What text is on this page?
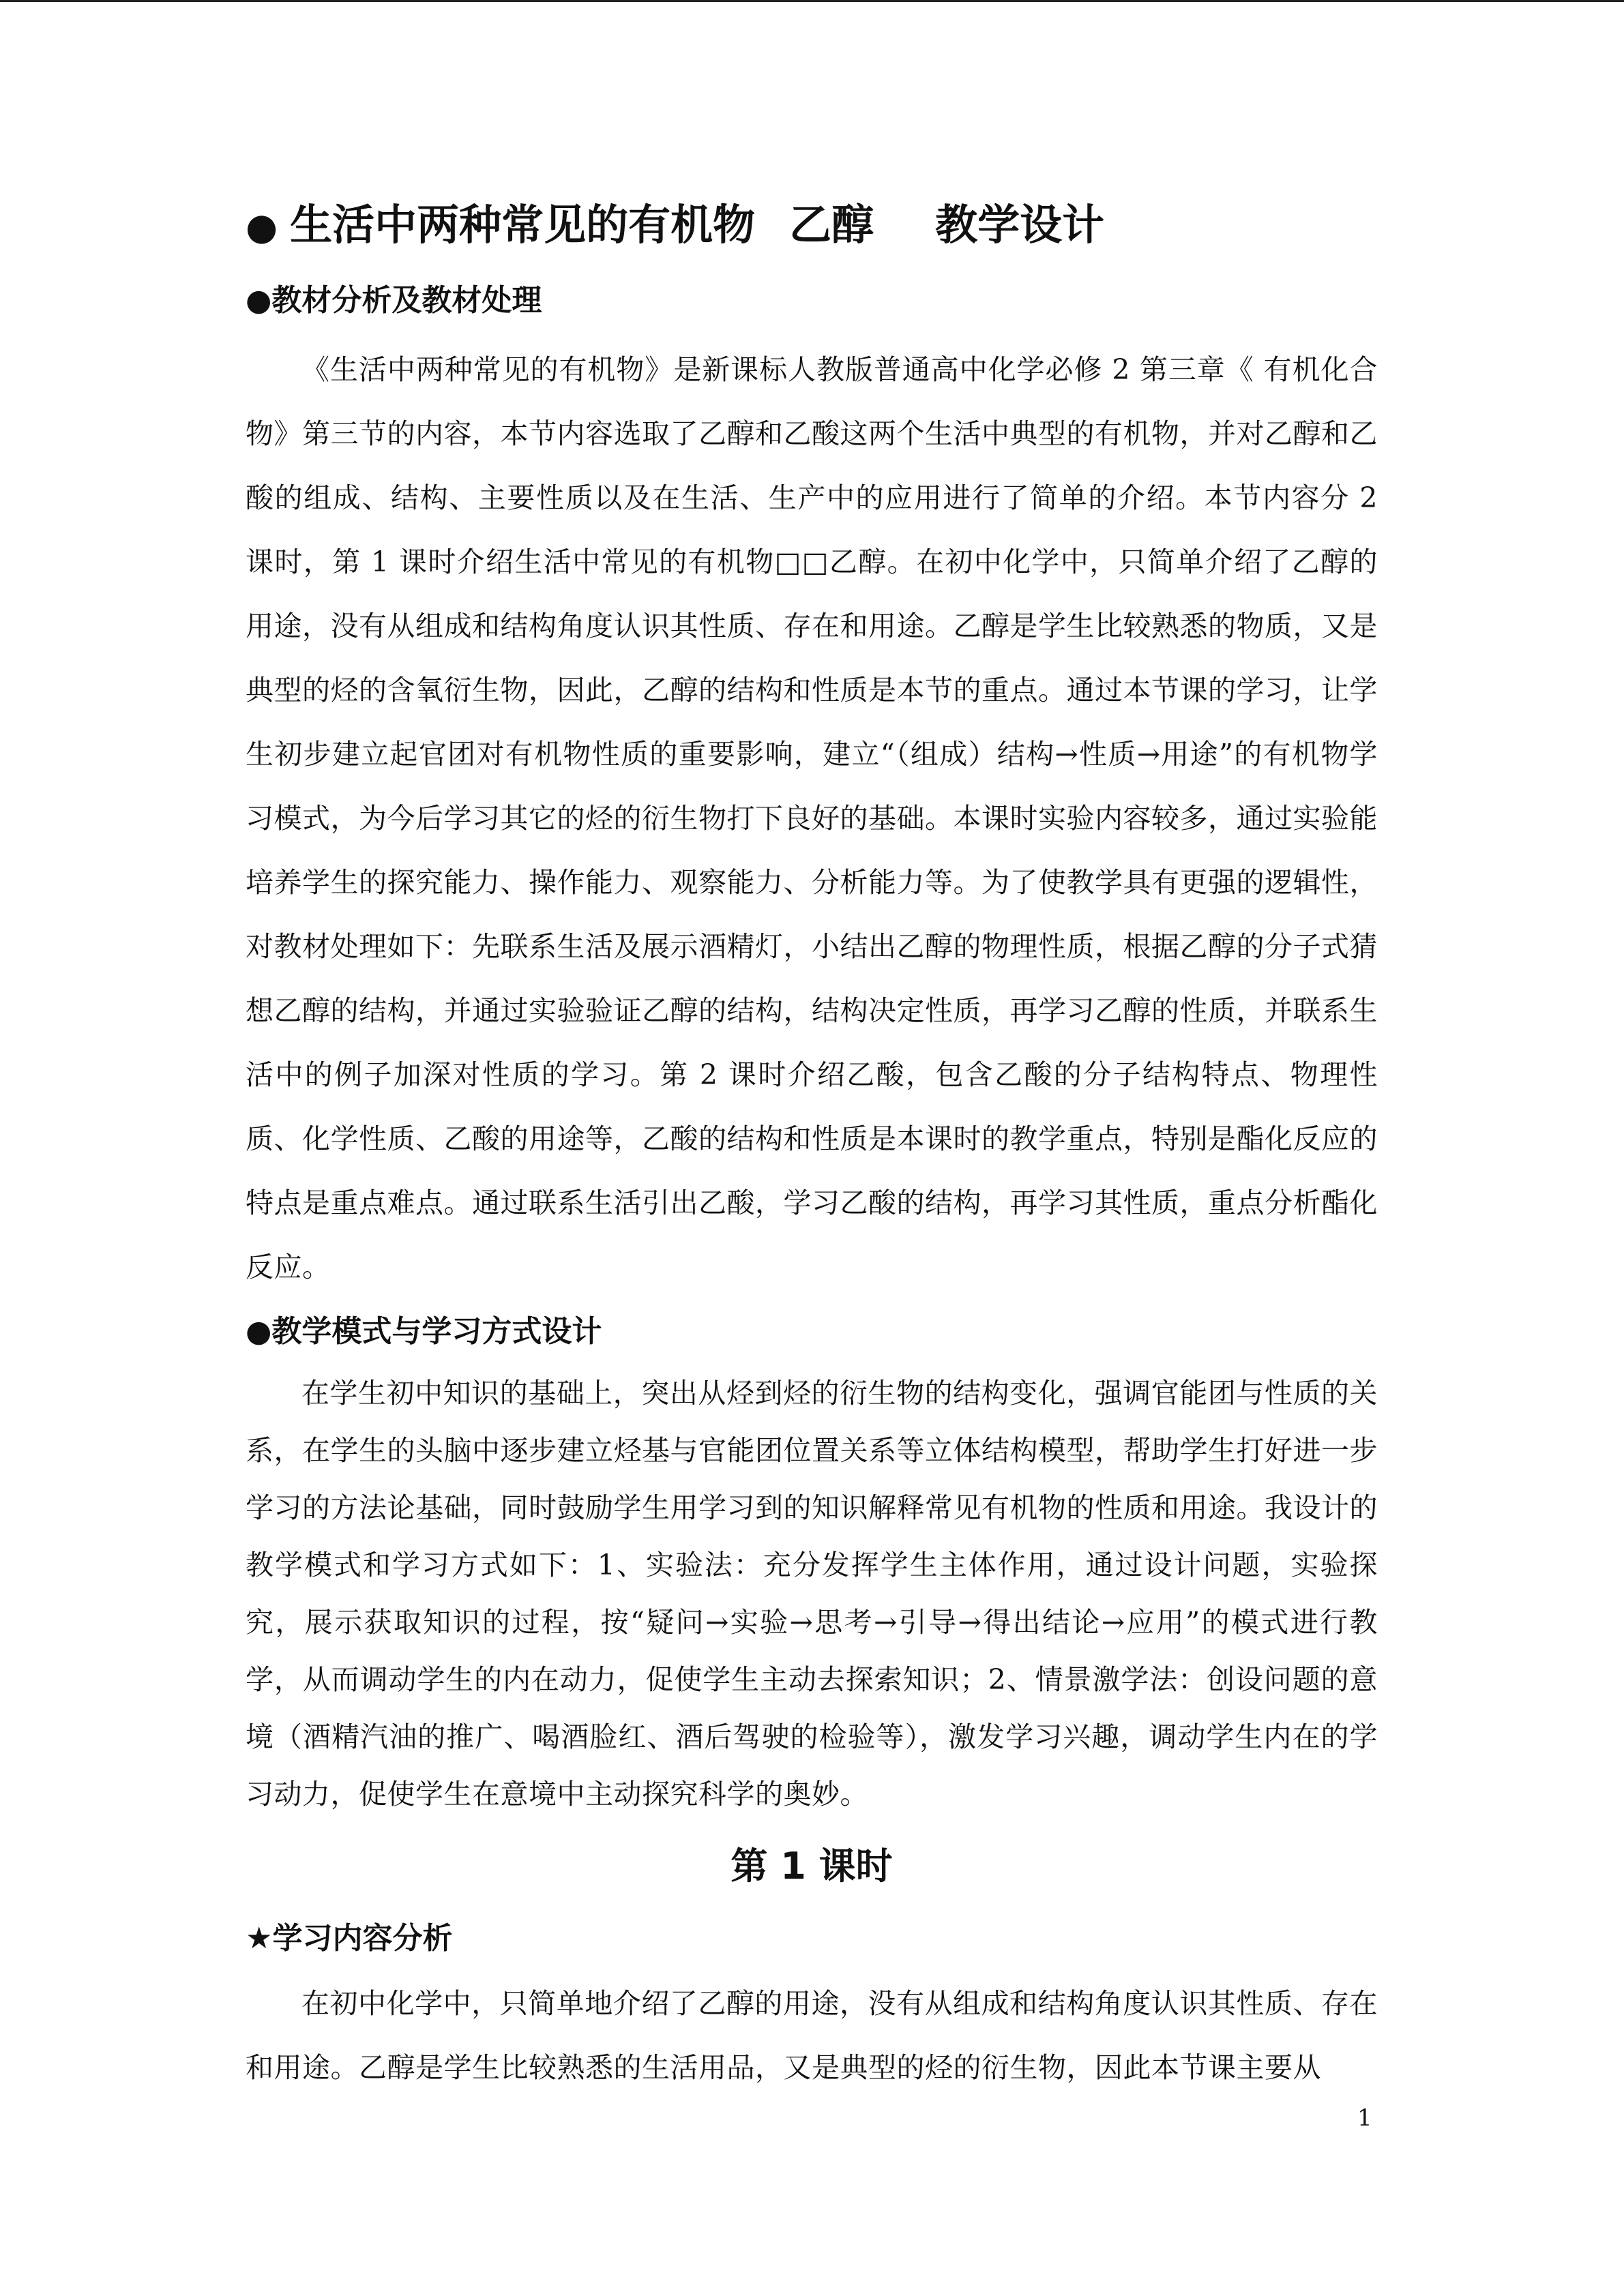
● 生活中两种常见的有机物 乙醇 教学设计
●教材分析及教材处理

《生活中两种常见的有机物》是新课标人教版普通高中化学必修 2 第三章《 有机化合物》第三节的内容，本节内容选取了乙醇和乙酸这两个生活中典型的有机物，并对乙醇和乙酸的组成、结构、主要性质以及在生活、生产中的应用进行了简单的介绍。本节内容分 2 课时，第 1 课时介绍生活中常见的有机物□□乙醇。在初中化学中，只简单介绍了乙醇的用途，没有从组成和结构角度认识其性质、存在和用途。乙醇是学生比较熟悉的物质，又是典型的烃的含氧衍生物，因此，乙醇的结构和性质是本节的重点。通过本节课的学习，让学生初步建立起官团对有机物性质的重要影响，建立“（组成）结构→性质→用途”的有机物学习模式，为今后学习其它的烃的衍生物打下良好的基础。本课时实验内容较多，通过实验能培养学生的探究能力、操作能力、观察能力、分析能力等。为了使教学具有更强的逻辑性，对教材处理如下：先联系生活及展示酒精灯，小结出乙醇的物理性质，根据乙醇的分子式猜想乙醇的结构，并通过实验验证乙醇的结构，结构决定性质，再学习乙醇的性质，并联系生活中的例子加深对性质的学习。第 2 课时介绍乙酸，包含乙酸的分子结构特点、物理性质、化学性质、乙酸的用途等，乙酸的结构和性质是本课时的教学重点，特别是酯化反应的特点是重点难点。通过联系生活引出乙酸，学习乙酸的结构，再学习其性质，重点分析酯化反应。

●教学模式与学习方式设计

在学生初中知识的基础上，突出从烃到烃的衍生物的结构变化，强调官能团与性质的关系，在学生的头脑中逐步建立烃基与官能团位置关系等立体结构模型，帮助学生打好进一步学习的方法论基础，同时鼓励学生用学习到的知识解释常见有机物的性质和用途。我设计的教学模式和学习方式如下：1、实验法：充分发挥学生主体作用，通过设计问题，实验探究，展示获取知识的过程，按“疑问→实验→思考→引导→得出结论→应用”的模式进行教学，从而调动学生的内在动力，促使学生主动去探索知识；2、情景激学法：创设问题的意境（酒精汽油的推广、喝酒脸红、酒后驾驶的检验等），激发学习兴趣，调动学生内在的学习动力，促使学生在意境中主动探究科学的奥妙。

第 1 课时
★学习内容分析

在初中化学中，只简单地介绍了乙醇的用途，没有从组成和结构角度认识其性质、存在和用途。乙醇是学生比较熟悉的生活用品，又是典型的烃的衍生物，因此本节课主要从

1
